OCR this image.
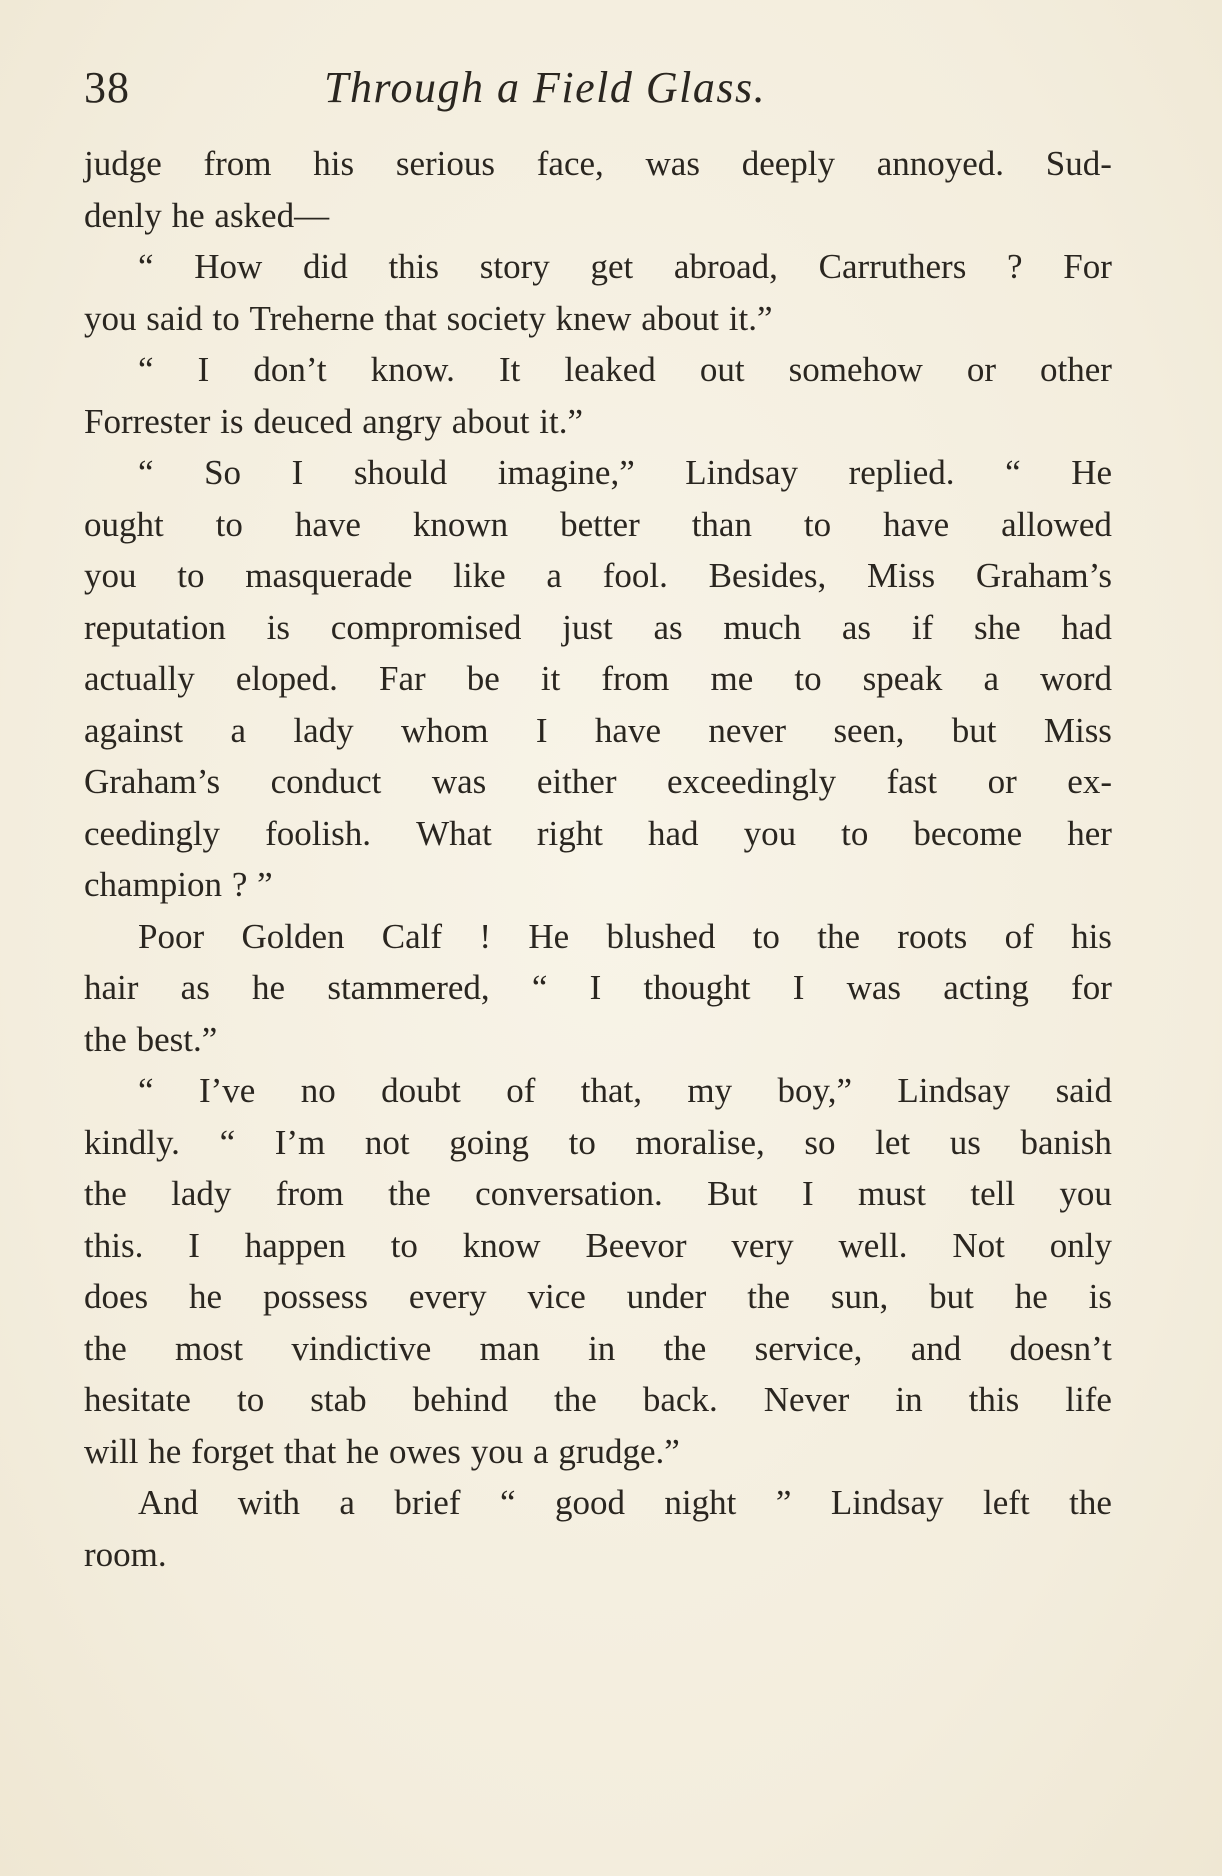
38	Through a Field Glass.
judge from his serious face, was deeply annoyed. Sud-
denly he asked—
“ How did this story get abroad, Carruthers ? For
you said to Treherne that society knew about it.”
“ I don’t know. It leaked out somehow or other
Forrester is deuced angry about it.”
“ So I should imagine,” Lindsay replied. “ He
ought to have known better than to have allowed
you to masquerade like a fool. Besides, Miss Graham’s
reputation is compromised just as much as if she had
actually eloped. Far be it from me to speak a word
against a lady whom I have never seen, but Miss
Graham’s conduct was either exceedingly fast or ex-
ceedingly foolish. What right had you to become her
champion ? ”
Poor Golden Calf ! He blushed to the roots of his
hair as he stammered, “ I thought I was acting for
the best.”
“ I’ve no doubt of that, my boy,” Lindsay said
kindly. “ I’m not going to moralise, so let us banish
the lady from the conversation. But I must tell you
this. I happen to know Beevor very well. Not only
does he possess every vice under the sun, but he is
the most vindictive man in the service, and doesn’t
hesitate to stab behind the back. Never in this life
will he forget that he owes you a grudge.”
And with a brief “ good night ” Lindsay left the
room.
